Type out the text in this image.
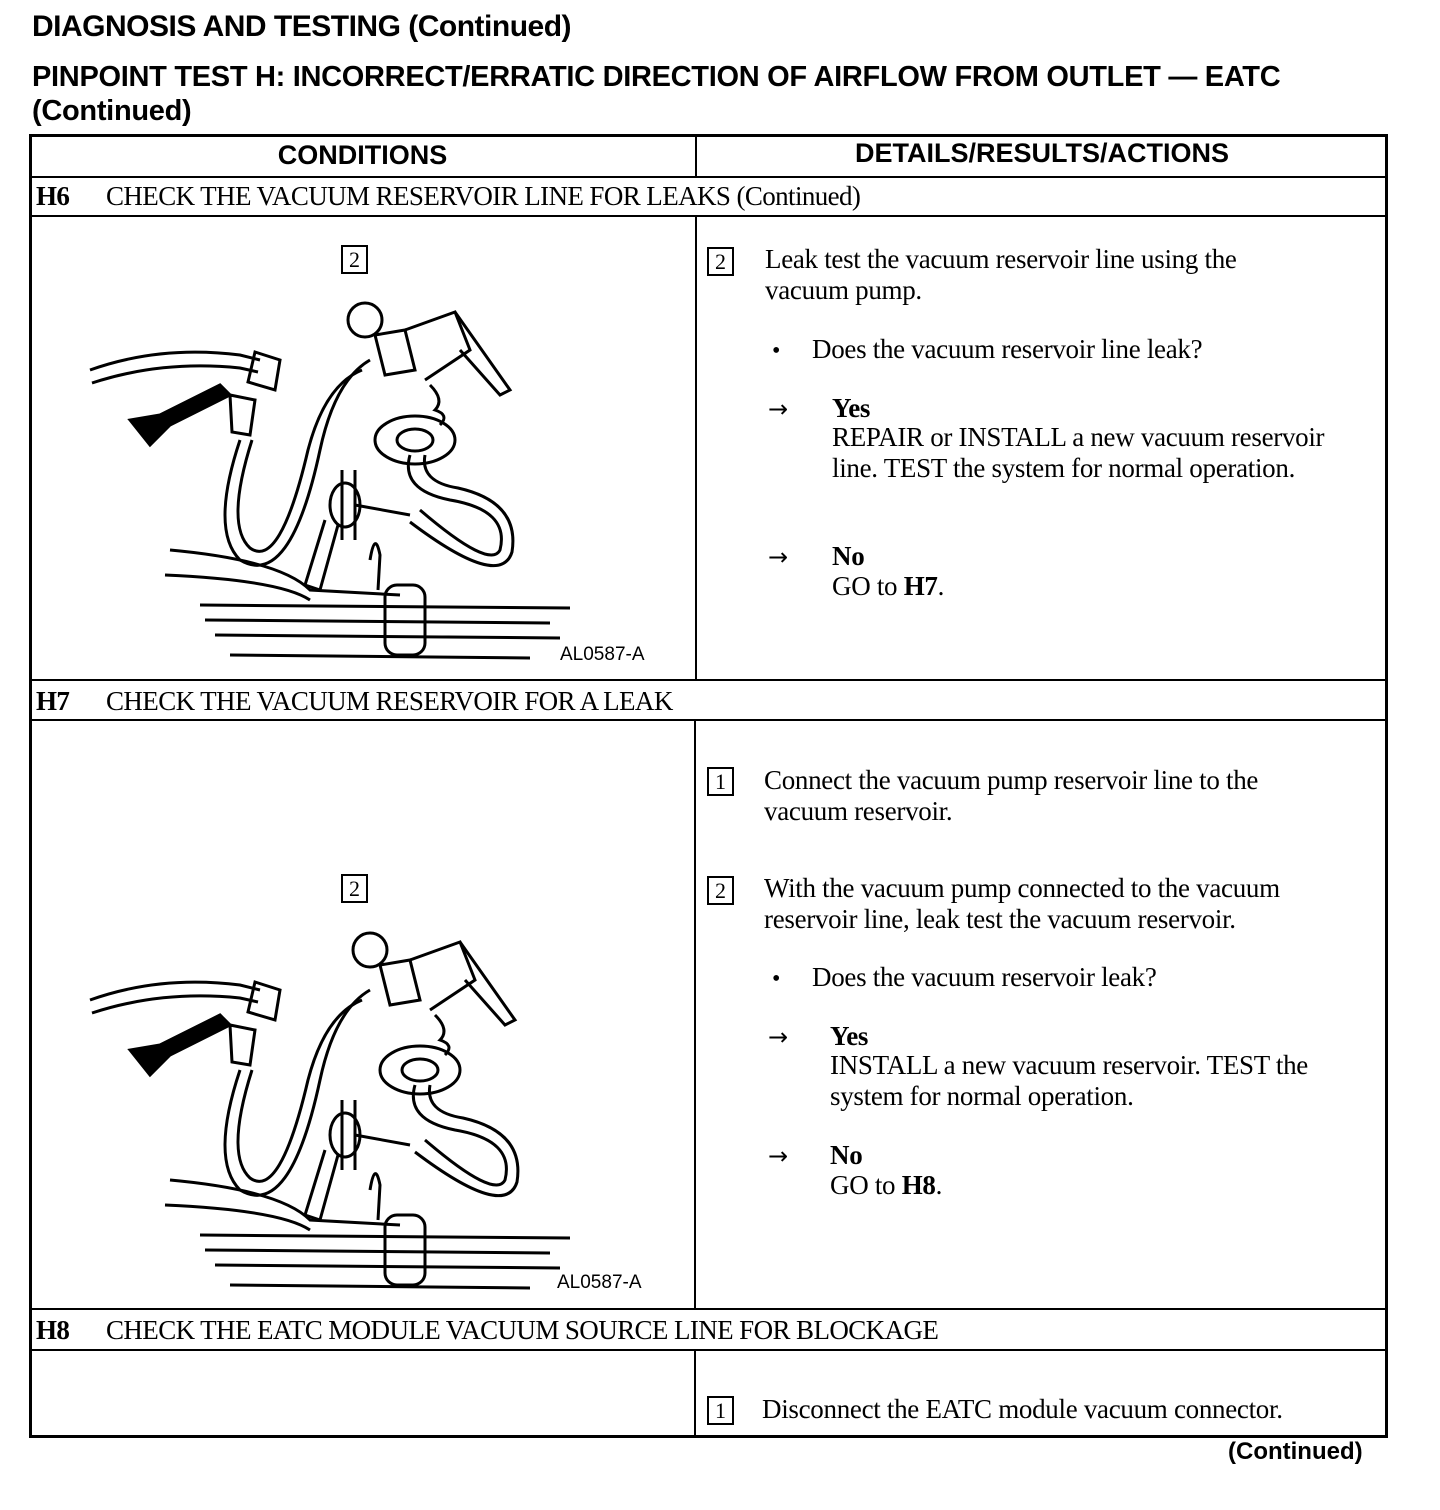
DIAGNOSIS AND TESTING (Continued)
PINPOINT TEST H: INCORRECT/ERRATIC DIRECTION OF AIRFLOW FROM OUTLET — EATC (Continued)
CONDITIONS	DETAILS/RESULTS/ACTIONS
H6 CHECK THE VACUUM RESERVOIR LINE FOR LEAKS (Continued)
2
AL0587-A
2 Leak test the vacuum reservoir line using the vacuum pump.
• Does the vacuum reservoir line leak?
→ Yes
REPAIR or INSTALL a new vacuum reservoir line. TEST the system for normal operation.
→ No
GO to H7.
H7 CHECK THE VACUUM RESERVOIR FOR A LEAK
2
AL0587-A
1 Connect the vacuum pump reservoir line to the vacuum reservoir.
2 With the vacuum pump connected to the vacuum reservoir line, leak test the vacuum reservoir.
• Does the vacuum reservoir leak?
→ Yes
INSTALL a new vacuum reservoir. TEST the system for normal operation.
→ No
GO to H8.
H8 CHECK THE EATC MODULE VACUUM SOURCE LINE FOR BLOCKAGE
1 Disconnect the EATC module vacuum connector.
(Continued)
